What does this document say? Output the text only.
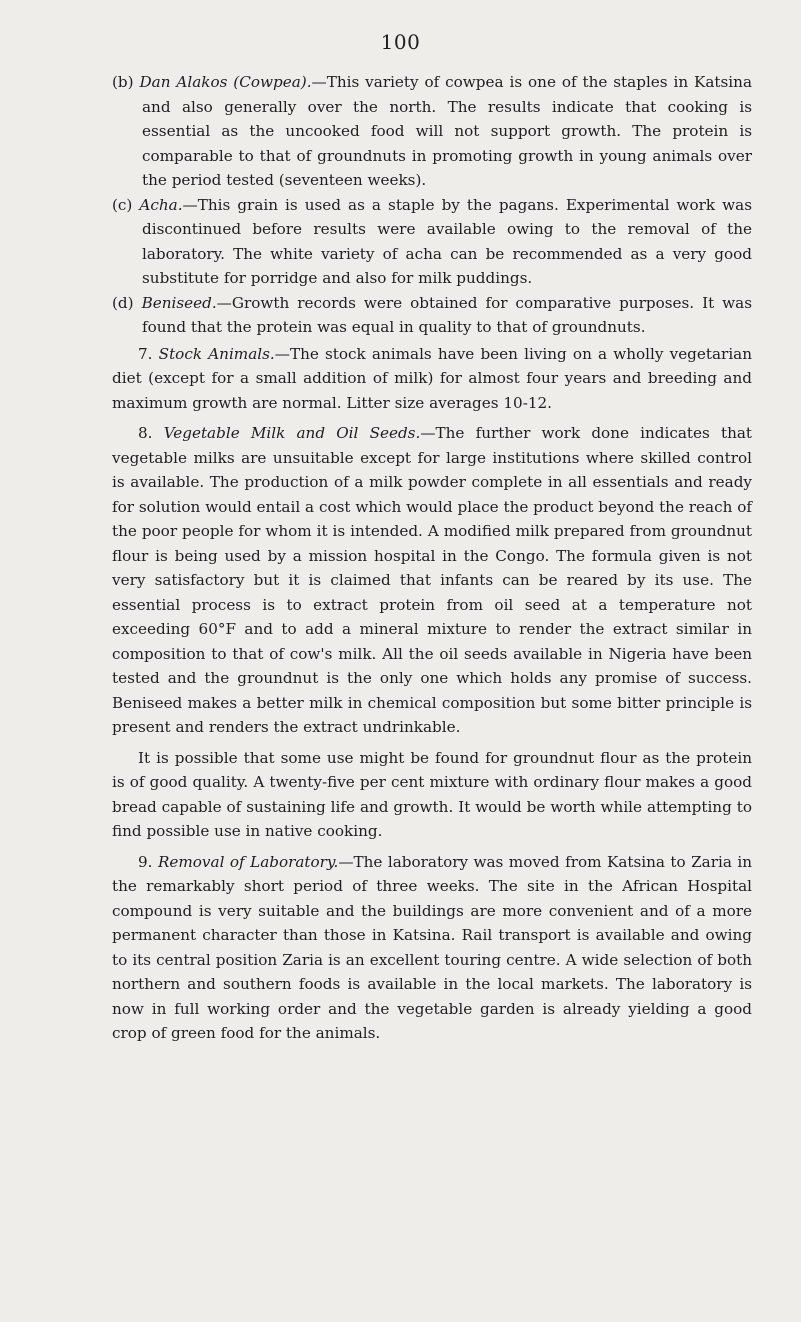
100

(b) Dan Alakos (Cowpea).—This variety of cowpea is one of the staples in Katsina and also generally over the north. The results indicate that cooking is essential as the uncooked food will not support growth. The protein is comparable to that of groundnuts in promoting growth in young animals over the period tested (seventeen weeks).

(c) Acha.—This grain is used as a staple by the pagans. Experimental work was discontinued before results were available owing to the removal of the laboratory. The white variety of acha can be recommended as a very good substitute for porridge and also for milk puddings.

(d) Beniseed.—Growth records were obtained for comparative purposes. It was found that the protein was equal in quality to that of groundnuts.

7. Stock Animals.—The stock animals have been living on a wholly vegetarian diet (except for a small addition of milk) for almost four years and breeding and maximum growth are normal. Litter size averages 10-12.

8. Vegetable Milk and Oil Seeds.—The further work done indicates that vegetable milks are unsuitable except for large institutions where skilled control is available. The production of a milk powder complete in all essentials and ready for solution would entail a cost which would place the product beyond the reach of the poor people for whom it is intended. A modified milk prepared from groundnut flour is being used by a mission hospital in the Congo. The formula given is not very satisfactory but it is claimed that infants can be reared by its use. The essential process is to extract protein from oil seed at a temperature not exceeding 60°F and to add a mineral mixture to render the extract similar in composition to that of cow's milk. All the oil seeds available in Nigeria have been tested and the groundnut is the only one which holds any promise of success. Beniseed makes a better milk in chemical composition but some bitter principle is present and renders the extract undrinkable.

It is possible that some use might be found for groundnut flour as the protein is of good quality. A twenty-five per cent mixture with ordinary flour makes a good bread capable of sustaining life and growth. It would be worth while attempting to find possible use in native cooking.

9. Removal of Laboratory.—The laboratory was moved from Katsina to Zaria in the remarkably short period of three weeks. The site in the African Hospital compound is very suitable and the buildings are more convenient and of a more permanent character than those in Katsina. Rail transport is available and owing to its central position Zaria is an excellent touring centre. A wide selection of both northern and southern foods is available in the local markets. The laboratory is now in full working order and the vegetable garden is already yielding a good crop of green food for the animals.
